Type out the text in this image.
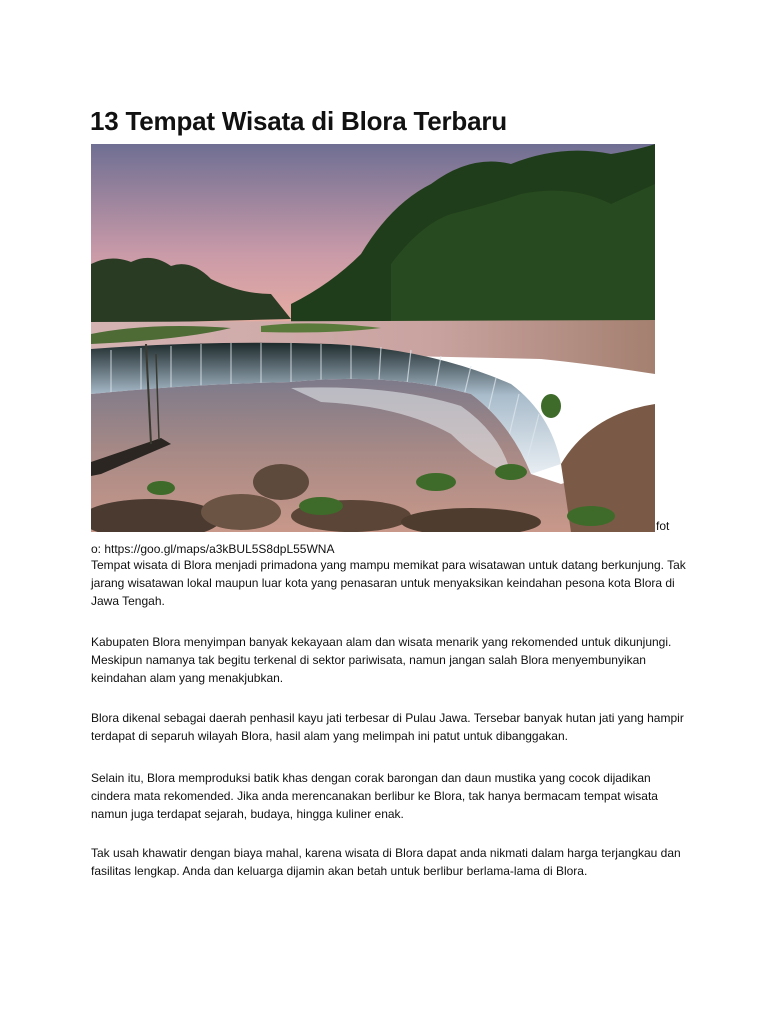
13 Tempat Wisata di Blora Terbaru
fot
o: https://goo.gl/maps/a3kBUL5S8dpL55WNA

Tempat wisata di Blora menjadi primadona yang mampu memikat para wisatawan untuk datang berkunjung. Tak jarang wisatawan lokal maupun luar kota yang penasaran untuk menyaksikan keindahan pesona kota Blora di Jawa Tengah.

Kabupaten Blora menyimpan banyak kekayaan alam dan wisata menarik yang rekomended untuk dikunjungi. Meskipun namanya tak begitu terkenal di sektor pariwisata, namun jangan salah Blora menyembunyikan keindahan alam yang menakjubkan.

Blora dikenal sebagai daerah penhasil kayu jati terbesar di Pulau Jawa. Tersebar banyak hutan jati yang hampir terdapat di separuh wilayah Blora, hasil alam yang melimpah ini patut untuk dibanggakan.

Selain itu, Blora memproduksi batik khas dengan corak barongan dan daun mustika yang cocok dijadikan cindera mata rekomended. Jika anda merencanakan berlibur ke Blora, tak hanya bermacam tempat wisata namun juga terdapat sejarah, budaya, hingga kuliner enak.

Tak usah khawatir dengan biaya mahal, karena wisata di Blora dapat anda nikmati dalam harga terjangkau dan fasilitas lengkap. Anda dan keluarga dijamin akan betah untuk berlibur berlama-lama di Blora.
